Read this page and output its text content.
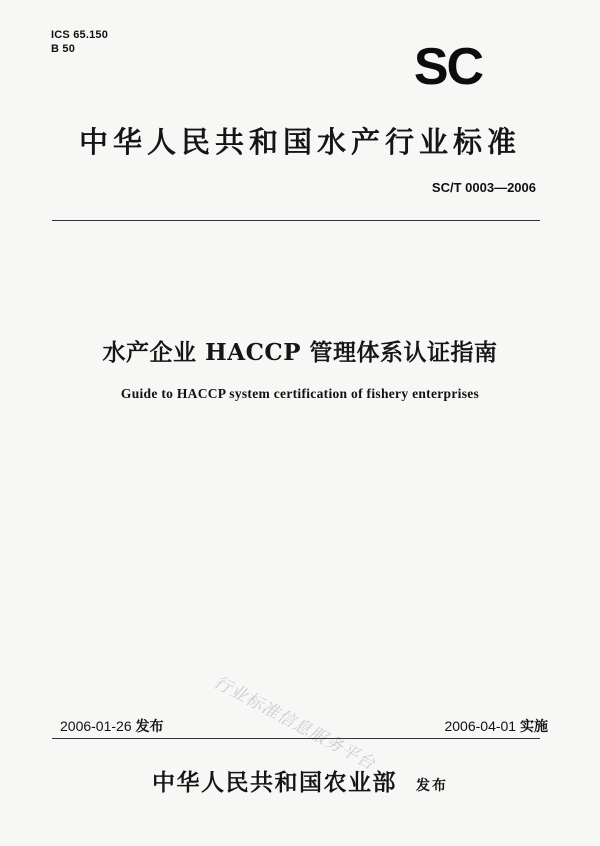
ICS 65.150
B 50	SC
中华人民共和国水产行业标准
SC/T 0003—2006
水产企业 HACCP 管理体系认证指南
Guide to HACCP system certification of fishery enterprises
行业标准信息服务平台
2006-01-26 发布	2006-04-01 实施
中华人民共和国农业部 发布
